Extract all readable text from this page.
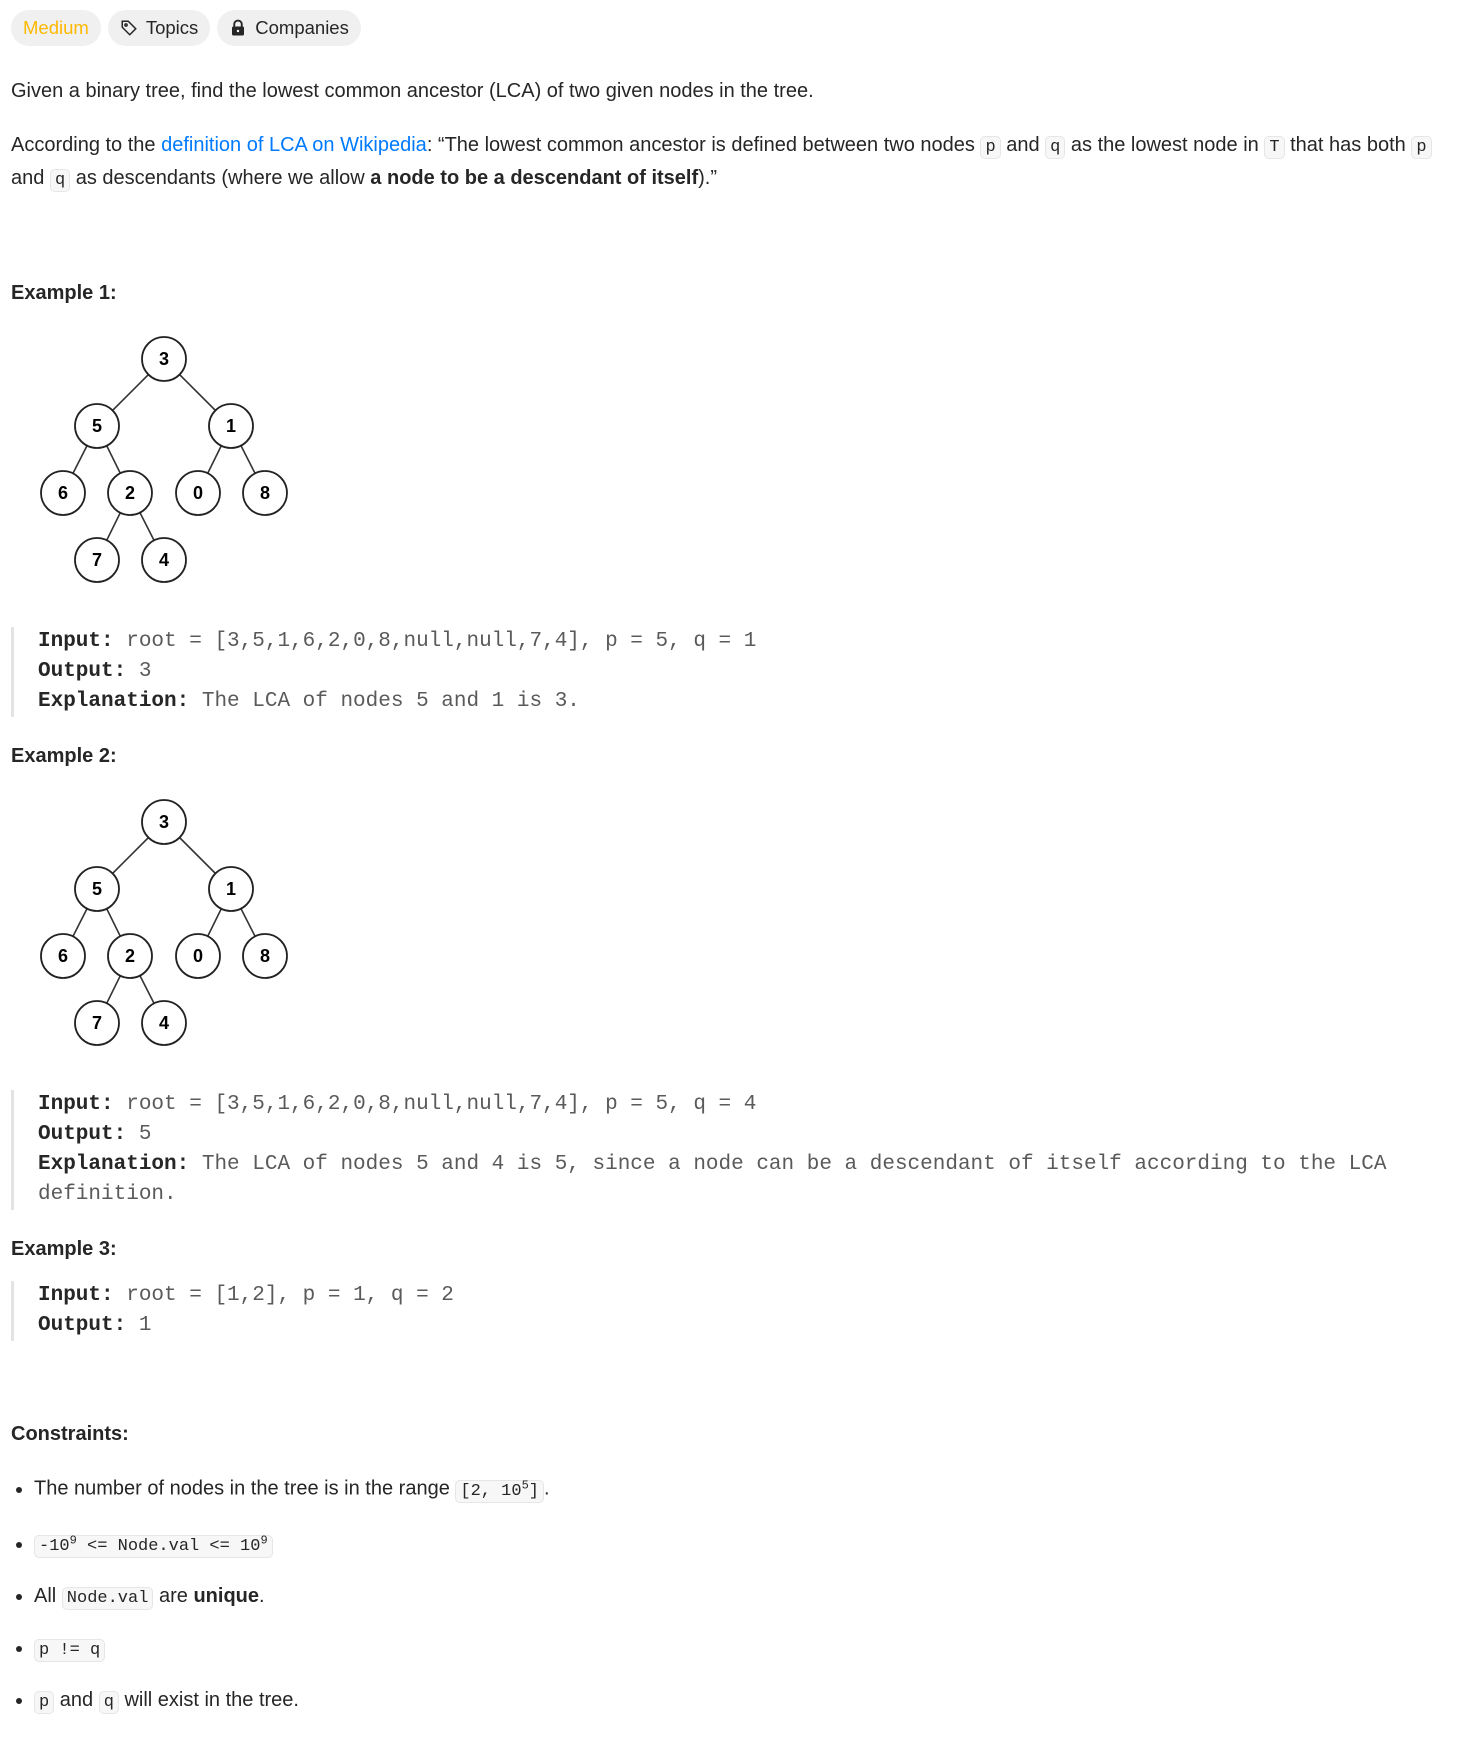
Medium	Topics	Companies

Given a binary tree, find the lowest common ancestor (LCA) of two given nodes in the tree.

According to the definition of LCA on Wikipedia: “The lowest common ancestor is defined between two nodes p and q as the lowest node in T that has both p and q as descendants (where we allow a node to be a descendant of itself).”

Example 1:
3
5	1
6	2	0	8
7	4
Input: root = [3,5,1,6,2,0,8,null,null,7,4], p = 5, q = 1
Output: 3
Explanation: The LCA of nodes 5 and 1 is 3.
Example 2:
3
5	1
6	2	0	8
7	4
Input: root = [3,5,1,6,2,0,8,null,null,7,4], p = 5, q = 4
Output: 5
Explanation: The LCA of nodes 5 and 4 is 5, since a node can be a descendant of itself according to the LCA definition.
Example 3:
Input: root = [1,2], p = 1, q = 2
Output: 1
Constraints:
• The number of nodes in the tree is in the range [2, $10^5$] .
• $-10^9$ <= Node.val <= $10^9$
• All Node.val are unique.
• p != q
• p and q will exist in the tree.
